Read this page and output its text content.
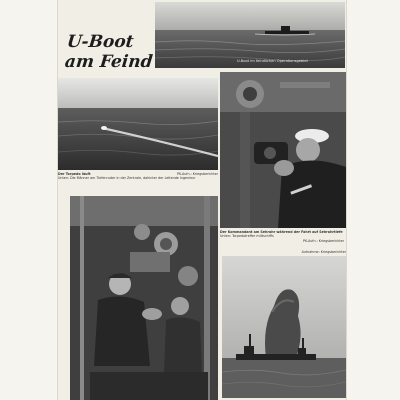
U-Boot
am Feind	U-Boot im feindlichen Operationsgebiet
Der Torpedo läuft
Unten: Die Männer am Tiefenruder in der Zentrale, dahinter der Leitende Ingenieur
PK-Aufn.: Kriegsberichter
Der Kommandant am Sehrohr während der Fahrt auf Sehrohrtiefe
Unten: Torpedotreffer mittschiffs
PK-Aufn.: Kriegsberichter
Aufnahme: Kriegsberichter
